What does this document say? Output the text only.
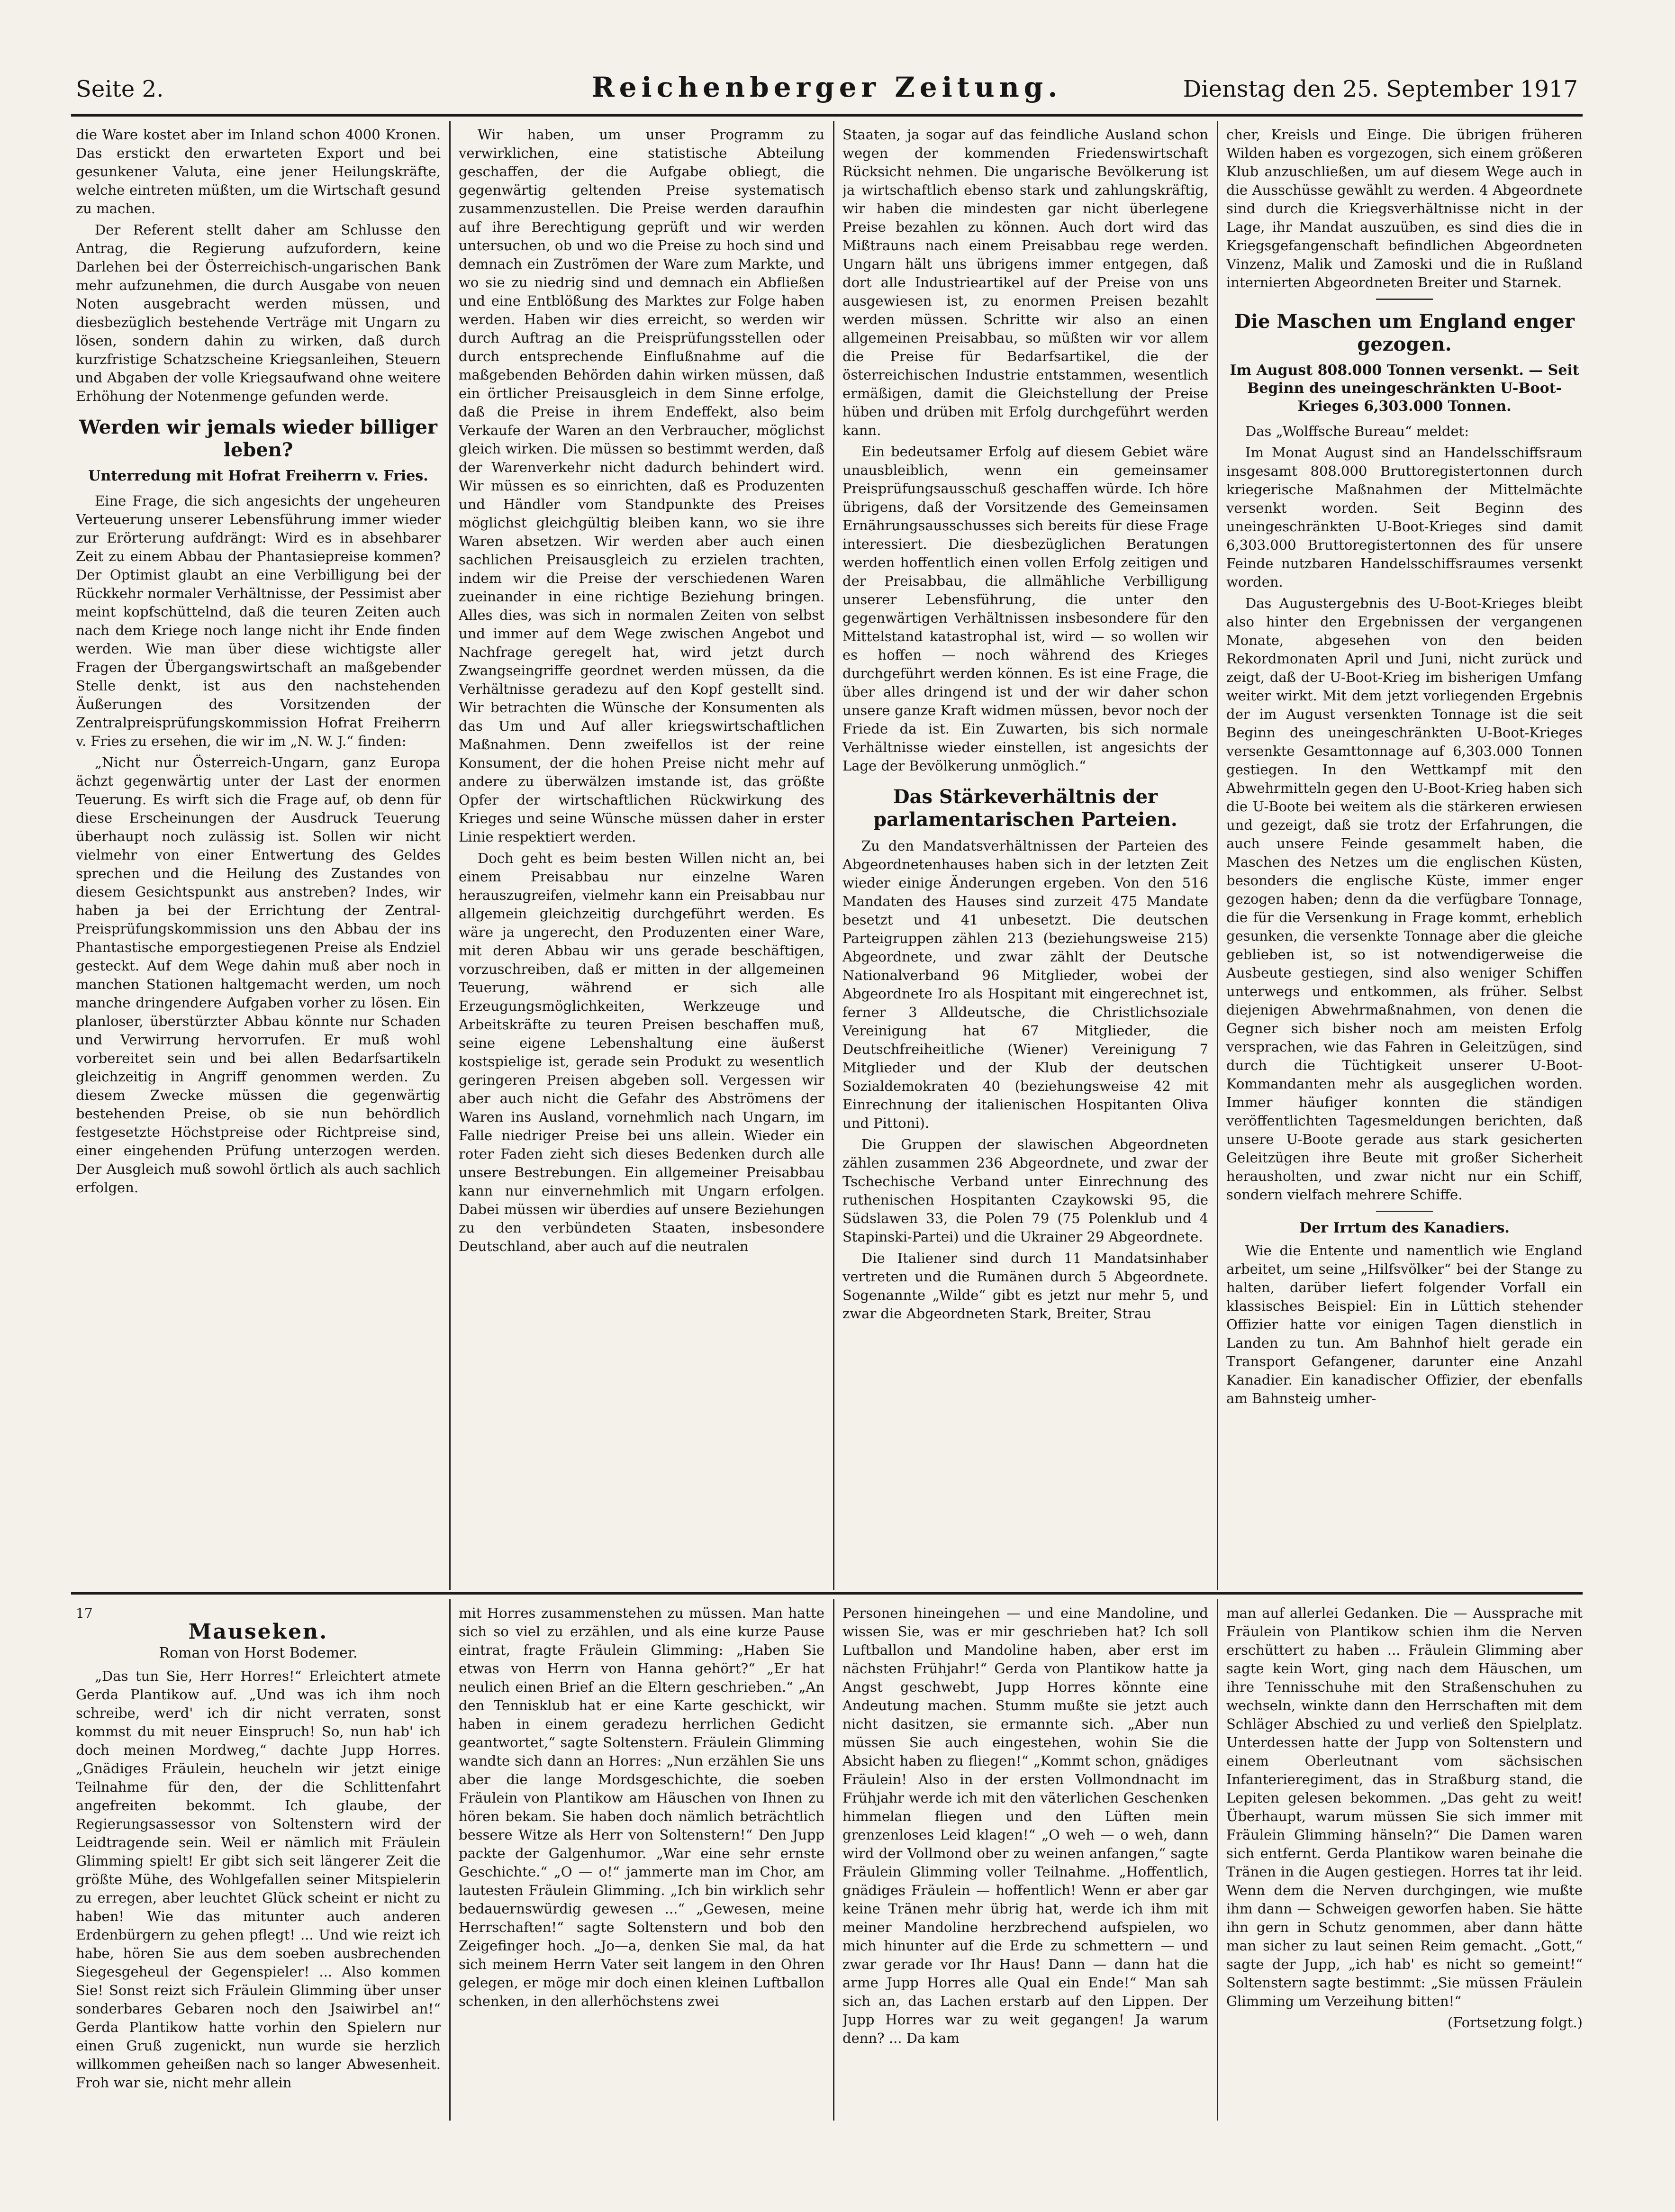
Seite 2.	Reichenberger Zeitung.	Dienstag den 25. September 1917

die Ware kostet aber im Inland schon 4000 Kronen. Das erstickt den erwarteten Export und bei gesunkener Valuta, eine jener Heilungskräfte, welche eintreten müßten, um die Wirtschaft gesund zu machen.

Der Referent stellt daher am Schlusse den Antrag, die Regierung aufzufordern, keine Darlehen bei der Österreichisch-ungarischen Bank mehr aufzunehmen, die durch Ausgabe von neuen Noten ausgebracht werden müssen, und diesbezüglich bestehende Verträge mit Ungarn zu lösen, sondern dahin zu wirken, daß durch kurzfristige Schatzscheine Kriegsanleihen, Steuern und Abgaben der volle Kriegsaufwand ohne weitere Erhöhung der Notenmenge gefunden werde.

Werden wir jemals wieder billiger leben?
Unterredung mit Hofrat Freiherrn v. Fries.

Eine Frage, die sich angesichts der ungeheuren Verteuerung unserer Lebensführung immer wieder zur Erörterung aufdrängt: Wird es in absehbarer Zeit zu einem Abbau der Phantasiepreise kommen? Der Optimist glaubt an eine Verbilligung bei der Rückkehr normaler Verhältnisse, der Pessimist aber meint kopfschüttelnd, daß die teuren Zeiten auch nach dem Kriege noch lange nicht ihr Ende finden werden. Wie man über diese wichtigste aller Fragen der Übergangswirtschaft an maßgebender Stelle denkt, ist aus den nachstehenden Äußerungen des Vorsitzenden der Zentralpreisprüfungskommission Hofrat Freiherrn v. Fries zu ersehen, die wir im „N. W. J.“ finden:

„Nicht nur Österreich-Ungarn, ganz Europa ächzt gegenwärtig unter der Last der enormen Teuerung. Es wirft sich die Frage auf, ob denn für diese Erscheinungen der Ausdruck Teuerung überhaupt noch zulässig ist. Sollen wir nicht vielmehr von einer Entwertung des Geldes sprechen und die Heilung des Zustandes von diesem Gesichtspunkt aus anstreben? Indes, wir haben ja bei der Errichtung der Zentral-Preisprüfungskommission uns den Abbau der ins Phantastische emporgestiegenen Preise als Endziel gesteckt. Auf dem Wege dahin muß aber noch in manchen Stationen haltgemacht werden, um noch manche dringendere Aufgaben vorher zu lösen. Ein planloser, überstürzter Abbau könnte nur Schaden und Verwirrung hervorrufen. Er muß wohl vorbereitet sein und bei allen Bedarfsartikeln gleichzeitig in Angriff genommen werden. Zu diesem Zwecke müssen die gegenwärtig bestehenden Preise, ob sie nun behördlich festgesetzte Höchstpreise oder Richtpreise sind, einer eingehenden Prüfung unterzogen werden. Der Ausgleich muß sowohl örtlich als auch sachlich erfolgen.

Wir haben, um unser Programm zu verwirklichen, eine statistische Abteilung geschaffen, der die Aufgabe obliegt, die gegenwärtig geltenden Preise systematisch zusammenzustellen. Die Preise werden daraufhin auf ihre Berechtigung geprüft und wir werden untersuchen, ob und wo die Preise zu hoch sind und demnach ein Zuströmen der Ware zum Markte, und wo sie zu niedrig sind und demnach ein Abfließen und eine Entblößung des Marktes zur Folge haben werden. Haben wir dies erreicht, so werden wir durch Auftrag an die Preisprüfungsstellen oder durch entsprechende Einflußnahme auf die maßgebenden Behörden dahin wirken müssen, daß ein örtlicher Preisausgleich in dem Sinne erfolge, daß die Preise in ihrem Endeffekt, also beim Verkaufe der Waren an den Verbraucher, möglichst gleich wirken. Die müssen so bestimmt werden, daß der Warenverkehr nicht dadurch behindert wird. Wir müssen es so einrichten, daß es Produzenten und Händler vom Standpunkte des Preises möglichst gleichgültig bleiben kann, wo sie ihre Waren absetzen. Wir werden aber auch einen sachlichen Preisausgleich zu erzielen trachten, indem wir die Preise der verschiedenen Waren zueinander in eine richtige Beziehung bringen. Alles dies, was sich in normalen Zeiten von selbst und immer auf dem Wege zwischen Angebot und Nachfrage geregelt hat, wird jetzt durch Zwangseingriffe geordnet werden müssen, da die Verhältnisse geradezu auf den Kopf gestellt sind. Wir betrachten die Wünsche der Konsumenten als das Um und Auf aller kriegswirtschaftlichen Maßnahmen. Denn zweifellos ist der reine Konsument, der die hohen Preise nicht mehr auf andere zu überwälzen imstande ist, das größte Opfer der wirtschaftlichen Rückwirkung des Krieges und seine Wünsche müssen daher in erster Linie respektiert werden.

Doch geht es beim besten Willen nicht an, bei einem Preisabbau nur einzelne Waren herauszugreifen, vielmehr kann ein Preisabbau nur allgemein gleichzeitig durchgeführt werden. Es wäre ja ungerecht, den Produzenten einer Ware, mit deren Abbau wir uns gerade beschäftigen, vorzuschreiben, daß er mitten in der allgemeinen Teuerung, während er sich alle Erzeugungsmöglichkeiten, Werkzeuge und Arbeitskräfte zu teuren Preisen beschaffen muß, seine eigene Lebenshaltung eine äußerst kostspielige ist, gerade sein Produkt zu wesentlich geringeren Preisen abgeben soll. Vergessen wir aber auch nicht die Gefahr des Abströmens der Waren ins Ausland, vornehmlich nach Ungarn, im Falle niedriger Preise bei uns allein. Wieder ein roter Faden zieht sich dieses Bedenken durch alle unsere Bestrebungen. Ein allgemeiner Preisabbau kann nur einvernehmlich mit Ungarn erfolgen. Dabei müssen wir überdies auf unsere Beziehungen zu den verbündeten Staaten, insbesondere Deutschland, aber auch auf die neutralen

Staaten, ja sogar auf das feindliche Ausland schon wegen der kommenden Friedenswirtschaft Rücksicht nehmen. Die ungarische Bevölkerung ist ja wirtschaftlich ebenso stark und zahlungskräftig, wir haben die mindesten gar nicht überlegene Preise bezahlen zu können. Auch dort wird das Mißtrauns nach einem Preisabbau rege werden. Ungarn hält uns übrigens immer entgegen, daß dort alle Industrieartikel auf der Preise von uns ausgewiesen ist, zu enormen Preisen bezahlt werden müssen. Schritte wir also an einen allgemeinen Preisabbau, so müßten wir vor allem die Preise für Bedarfsartikel, die der österreichischen Industrie entstammen, wesentlich ermäßigen, damit die Gleichstellung der Preise hüben und drüben mit Erfolg durchgeführt werden kann.

Ein bedeutsamer Erfolg auf diesem Gebiet wäre unausbleiblich, wenn ein gemeinsamer Preisprüfungsausschuß geschaffen würde. Ich höre übrigens, daß der Vorsitzende des Gemeinsamen Ernährungsausschusses sich bereits für diese Frage interessiert. Die diesbezüglichen Beratungen werden hoffentlich einen vollen Erfolg zeitigen und der Preisabbau, die allmähliche Verbilligung unserer Lebensführung, die unter den gegenwärtigen Verhältnissen insbesondere für den Mittelstand katastrophal ist, wird — so wollen wir es hoffen — noch während des Krieges durchgeführt werden können. Es ist eine Frage, die über alles dringend ist und der wir daher schon unsere ganze Kraft widmen müssen, bevor noch der Friede da ist. Ein Zuwarten, bis sich normale Verhältnisse wieder einstellen, ist angesichts der Lage der Bevölkerung unmöglich.“

Das Stärkeverhältnis der parlamentarischen Parteien.

Zu den Mandatsverhältnissen der Parteien des Abgeordnetenhauses haben sich in der letzten Zeit wieder einige Änderungen ergeben. Von den 516 Mandaten des Hauses sind zurzeit 475 Mandate besetzt und 41 unbesetzt. Die deutschen Parteigruppen zählen 213 (beziehungsweise 215) Abgeordnete, und zwar zählt der Deutsche Nationalverband 96 Mitglieder, wobei der Abgeordnete Iro als Hospitant mit eingerechnet ist, ferner 3 Alldeutsche, die Christlichsoziale Vereinigung hat 67 Mitglieder, die Deutschfreiheitliche (Wiener) Vereinigung 7 Mitglieder und der Klub der deutschen Sozialdemokraten 40 (beziehungsweise 42 mit Einrechnung der italienischen Hospitanten Oliva und Pittoni).

Die Gruppen der slawischen Abgeordneten zählen zusammen 236 Abgeordnete, und zwar der Tschechische Verband unter Einrechnung des ruthenischen Hospitanten Czaykowski 95, die Südslawen 33, die Polen 79 (75 Polenklub und 4 Stapinski-Partei) und die Ukrainer 29 Abgeordnete.

Die Italiener sind durch 11 Mandatsinhaber vertreten und die Rumänen durch 5 Abgeordnete. Sogenannte „Wilde“ gibt es jetzt nur mehr 5, und zwar die Abgeordneten Stark, Breiter, Strau

cher, Kreisls und Einge. Die übrigen früheren Wilden haben es vorgezogen, sich einem größeren Klub anzuschließen, um auf diesem Wege auch in die Ausschüsse gewählt zu werden. 4 Abgeordnete sind durch die Kriegsverhältnisse nicht in der Lage, ihr Mandat auszuüben, es sind dies die in Kriegsgefangenschaft befindlichen Abgeordneten Vinzenz, Malik und Zamoski und die in Rußland internierten Abgeordneten Breiter und Starnek.

Die Maschen um England enger gezogen.
Im August 808.000 Tonnen versenkt. — Seit Beginn des uneingeschränkten U-Boot-Krieges 6,303.000 Tonnen.

Das „Wolffsche Bureau“ meldet:

Im Monat August sind an Handelsschiffsraum insgesamt 808.000 Bruttoregistertonnen durch kriegerische Maßnahmen der Mittelmächte versenkt worden. Seit Beginn des uneingeschränkten U-Boot-Krieges sind damit 6,303.000 Bruttoregistertonnen des für unsere Feinde nutzbaren Handelsschiffsraumes versenkt worden.

Das Augustergebnis des U-Boot-Krieges bleibt also hinter den Ergebnissen der vergangenen Monate, abgesehen von den beiden Rekordmonaten April und Juni, nicht zurück und zeigt, daß der U-Boot-Krieg im bisherigen Umfang weiter wirkt. Mit dem jetzt vorliegenden Ergebnis der im August versenkten Tonnage ist die seit Beginn des uneingeschränkten U-Boot-Krieges versenkte Gesamttonnage auf 6,303.000 Tonnen gestiegen. In den Wettkampf mit den Abwehrmitteln gegen den U-Boot-Krieg haben sich die U-Boote bei weitem als die stärkeren erwiesen und gezeigt, daß sie trotz der Erfahrungen, die auch unsere Feinde gesammelt haben, die Maschen des Netzes um die englischen Küsten, besonders die englische Küste, immer enger gezogen haben; denn da die verfügbare Tonnage, die für die Versenkung in Frage kommt, erheblich gesunken, die versenkte Tonnage aber die gleiche geblieben ist, so ist notwendigerweise die Ausbeute gestiegen, sind also weniger Schiffen unterwegs und entkommen, als früher. Selbst diejenigen Abwehrmaßnahmen, von denen die Gegner sich bisher noch am meisten Erfolg versprachen, wie das Fahren in Geleitzügen, sind durch die Tüchtigkeit unserer U-Boot-Kommandanten mehr als ausgeglichen worden. Immer häufiger konnten die ständigen veröffentlichten Tagesmeldungen berichten, daß unsere U-Boote gerade aus stark gesicherten Geleitzügen ihre Beute mit großer Sicherheit herausholten, und zwar nicht nur ein Schiff, sondern vielfach mehrere Schiffe.

Der Irrtum des Kanadiers.

Wie die Entente und namentlich wie England arbeitet, um seine „Hilfsvölker“ bei der Stange zu halten, darüber liefert folgender Vorfall ein klassisches Beispiel: Ein in Lüttich stehender Offizier hatte vor einigen Tagen dienstlich in Landen zu tun. Am Bahnhof hielt gerade ein Transport Gefangener, darunter eine Anzahl Kanadier. Ein kanadischer Offizier, der ebenfalls am Bahnsteig umher-

17
Mauseken.
Roman von Horst Bodemer.

„Das tun Sie, Herr Horres!“ Erleichtert atmete Gerda Plantikow auf. „Und was ich ihm noch schreibe, werd' ich dir nicht verraten, sonst kommst du mit neuer Einspruch! So, nun hab' ich doch meinen Mordweg,“ dachte Jupp Horres. „Gnädiges Fräulein, heucheln wir jetzt einige Teilnahme für den, der die Schlittenfahrt angefreiten bekommt. Ich glaube, der Regierungsassessor von Soltenstern wird der Leidtragende sein. Weil er nämlich mit Fräulein Glimming spielt! Er gibt sich seit längerer Zeit die größte Mühe, des Wohlgefallen seiner Mitspielerin zu erregen, aber leuchtet Glück scheint er nicht zu haben! Wie das mitunter auch anderen Erdenbürgern zu gehen pflegt! ... Und wie reizt ich habe, hören Sie aus dem soeben ausbrechenden Siegesgeheul der Gegenspieler! ... Also kommen Sie! Sonst reizt sich Fräulein Glimming über unser sonderbares Gebaren noch den Jsaiwirbel an!“ Gerda Plantikow hatte vorhin den Spielern nur einen Gruß zugenickt, nun wurde sie herzlich willkommen geheißen nach so langer Abwesenheit. Froh war sie, nicht mehr allein

mit Horres zusammenstehen zu müssen. Man hatte sich so viel zu erzählen, und als eine kurze Pause eintrat, fragte Fräulein Glimming: „Haben Sie etwas von Herrn von Hanna gehört?“ „Er hat neulich einen Brief an die Eltern geschrieben.“ „An den Tennisklub hat er eine Karte geschickt, wir haben in einem geradezu herrlichen Gedicht geantwortet,“ sagte Soltenstern. Fräulein Glimming wandte sich dann an Horres: „Nun erzählen Sie uns aber die lange Mordsgeschichte, die soeben Fräulein von Plantikow am Häuschen von Ihnen zu hören bekam. Sie haben doch nämlich beträchtlich bessere Witze als Herr von Soltenstern!“ Den Jupp packte der Galgenhumor. „War eine sehr ernste Geschichte.“ „O — o!“ jammerte man im Chor, am lautesten Fräulein Glimming. „Ich bin wirklich sehr bedauernswürdig gewesen ...“ „Gewesen, meine Herrschaften!“ sagte Soltenstern und bob den Zeigefinger hoch. „Jo—a, denken Sie mal, da hat sich meinem Herrn Vater seit langem in den Ohren gelegen, er möge mir doch einen kleinen Luftballon schenken, in den allerhöchstens zwei

Personen hineingehen — und eine Mandoline, und wissen Sie, was er mir geschrieben hat? Ich soll Luftballon und Mandoline haben, aber erst im nächsten Frühjahr!“ Gerda von Plantikow hatte ja Angst geschwebt, Jupp Horres könnte eine Andeutung machen. Stumm mußte sie jetzt auch nicht dasitzen, sie ermannte sich. „Aber nun müssen Sie auch eingestehen, wohin Sie die Absicht haben zu fliegen!“ „Kommt schon, gnädiges Fräulein! Also in der ersten Vollmondnacht im Frühjahr werde ich mit den väterlichen Geschenken himmelan fliegen und den Lüften mein grenzenloses Leid klagen!“ „O weh — o weh, dann wird der Vollmond ober zu weinen anfangen,“ sagte Fräulein Glimming voller Teilnahme. „Hoffentlich, gnädiges Fräulein — hoffentlich! Wenn er aber gar keine Tränen mehr übrig hat, werde ich ihm mit meiner Mandoline herzbrechend aufspielen, wo mich hinunter auf die Erde zu schmettern — und zwar gerade vor Ihr Haus! Dann — dann hat die arme Jupp Horres alle Qual ein Ende!“ Man sah sich an, das Lachen erstarb auf den Lippen. Der Jupp Horres war zu weit gegangen! Ja warum denn? ... Da kam

man auf allerlei Gedanken. Die — Aussprache mit Fräulein von Plantikow schien ihm die Nerven erschüttert zu haben ... Fräulein Glimming aber sagte kein Wort, ging nach dem Häuschen, um ihre Tennisschuhe mit den Straßenschuhen zu wechseln, winkte dann den Herrschaften mit dem Schläger Abschied zu und verließ den Spielplatz. Unterdessen hatte der Jupp von Soltenstern und einem Oberleutnant vom sächsischen Infanterieregiment, das in Straßburg stand, die Lepiten gelesen bekommen. „Das geht zu weit! Überhaupt, warum müssen Sie sich immer mit Fräulein Glimming hänseln?“ Die Damen waren sich entfernt. Gerda Plantikow waren beinahe die Tränen in die Augen gestiegen. Horres tat ihr leid. Wenn dem die Nerven durchgingen, wie mußte ihm dann — Schweigen geworfen haben. Sie hätte ihn gern in Schutz genommen, aber dann hätte man sicher zu laut seinen Reim gemacht. „Gott,“ sagte der Jupp, „ich hab' es nicht so gemeint!“ Soltenstern sagte bestimmt: „Sie müssen Fräulein Glimming um Verzeihung bitten!“

(Fortsetzung folgt.)
